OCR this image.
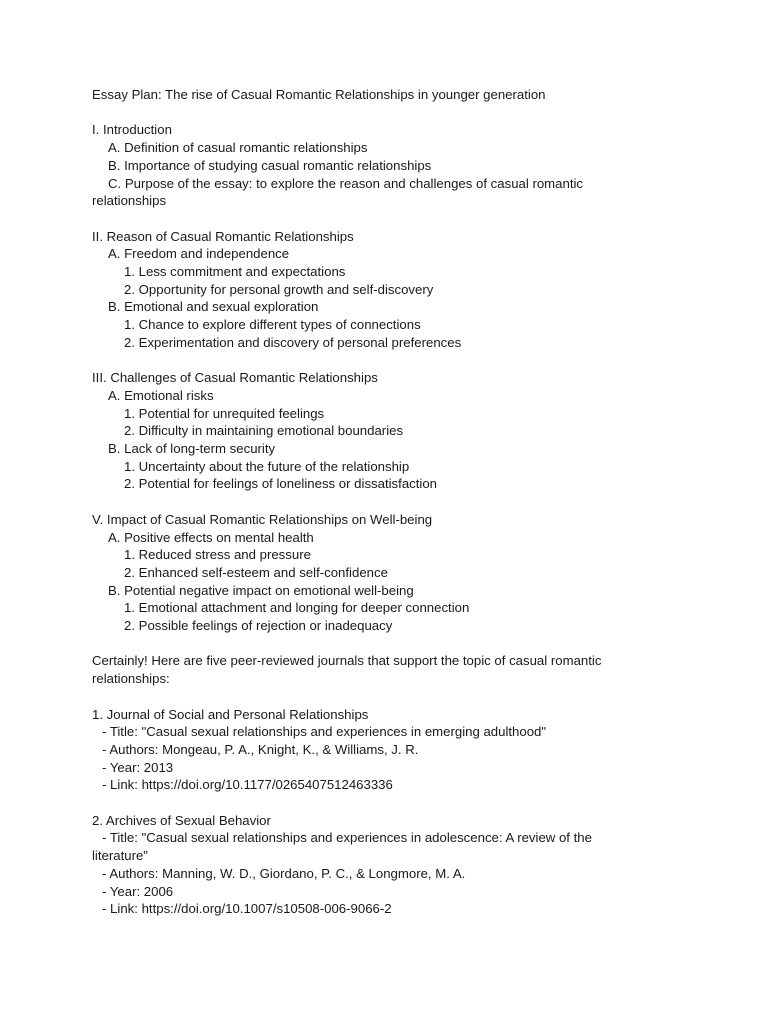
Essay Plan: The rise of Casual Romantic Relationships in younger generation
I. Introduction
A. Definition of casual romantic relationships
B. Importance of studying casual romantic relationships
C. Purpose of the essay: to explore the reason and challenges of casual romantic
relationships
II. Reason of Casual Romantic Relationships
A. Freedom and independence
1. Less commitment and expectations
2. Opportunity for personal growth and self-discovery
B. Emotional and sexual exploration
1. Chance to explore different types of connections
2. Experimentation and discovery of personal preferences
III. Challenges of Casual Romantic Relationships
A. Emotional risks
1. Potential for unrequited feelings
2. Difficulty in maintaining emotional boundaries
B. Lack of long-term security
1. Uncertainty about the future of the relationship
2. Potential for feelings of loneliness or dissatisfaction
V. Impact of Casual Romantic Relationships on Well-being
A. Positive effects on mental health
1. Reduced stress and pressure
2. Enhanced self-esteem and self-confidence
B. Potential negative impact on emotional well-being
1. Emotional attachment and longing for deeper connection
2. Possible feelings of rejection or inadequacy
Certainly! Here are five peer-reviewed journals that support the topic of casual romantic
relationships:
1. Journal of Social and Personal Relationships
- Title: "Casual sexual relationships and experiences in emerging adulthood"
- Authors: Mongeau, P. A., Knight, K., & Williams, J. R.
- Year: 2013
- Link: https://doi.org/10.1177/0265407512463336
2. Archives of Sexual Behavior
- Title: "Casual sexual relationships and experiences in adolescence: A review of the
literature"
- Authors: Manning, W. D., Giordano, P. C., & Longmore, M. A.
- Year: 2006
- Link: https://doi.org/10.1007/s10508-006-9066-2
